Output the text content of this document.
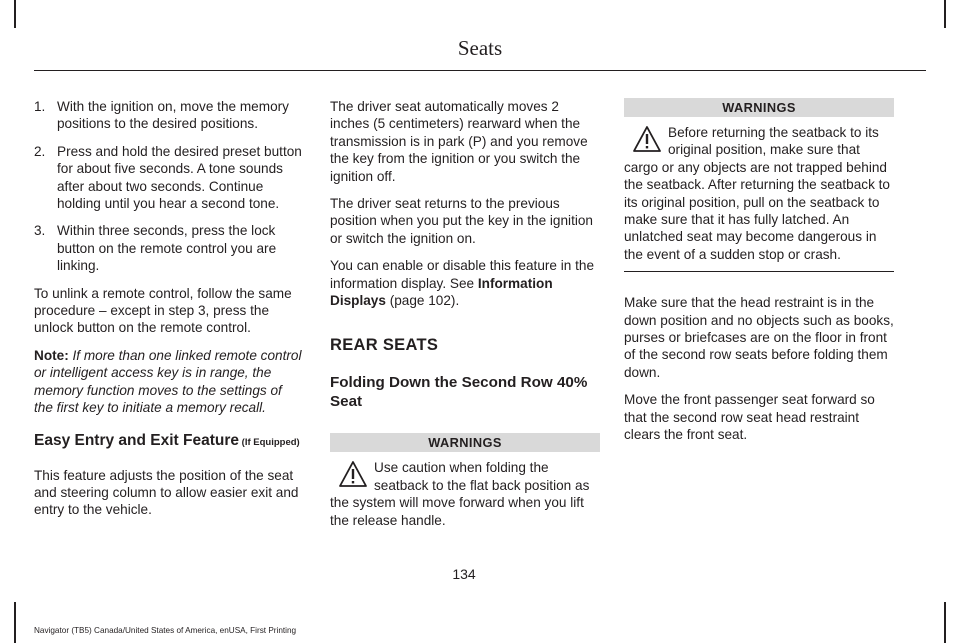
Seats
1. With the ignition on, move the memory positions to the desired positions.
2. Press and hold the desired preset button for about five seconds. A tone sounds after about two seconds. Continue holding until you hear a second tone.
3. Within three seconds, press the lock button on the remote control you are linking.

To unlink a remote control, follow the same procedure – except in step 3, press the unlock button on the remote control.

Note: If more than one linked remote control or intelligent access key is in range, the memory function moves to the settings of the first key to initiate a memory recall.

Easy Entry and Exit Feature (If Equipped)

This feature adjusts the position of the seat and steering column to allow easier exit and entry to the vehicle.

The driver seat automatically moves 2 inches (5 centimeters) rearward when the transmission is in park (P) and you remove the key from the ignition or you switch the ignition off.

The driver seat returns to the previous position when you put the key in the ignition or switch the ignition on.

You can enable or disable this feature in the information display. See Information Displays (page 102).

REAR SEATS
Folding Down the Second Row 40% Seat
WARNINGS
Use caution when folding the seatback to the flat back position as the system will move forward when you lift the release handle.
WARNINGS
Before returning the seatback to its original position, make sure that cargo or any objects are not trapped behind the seatback. After returning the seatback to its original position, pull on the seatback to make sure that it has fully latched. An unlatched seat may become dangerous in the event of a sudden stop or crash.

Make sure that the head restraint is in the down position and no objects such as books, purses or briefcases are on the floor in front of the second row seats before folding them down.

Move the front passenger seat forward so that the second row seat head restraint clears the front seat.

134
Navigator (TB5) Canada/United States of America, enUSA, First Printing
